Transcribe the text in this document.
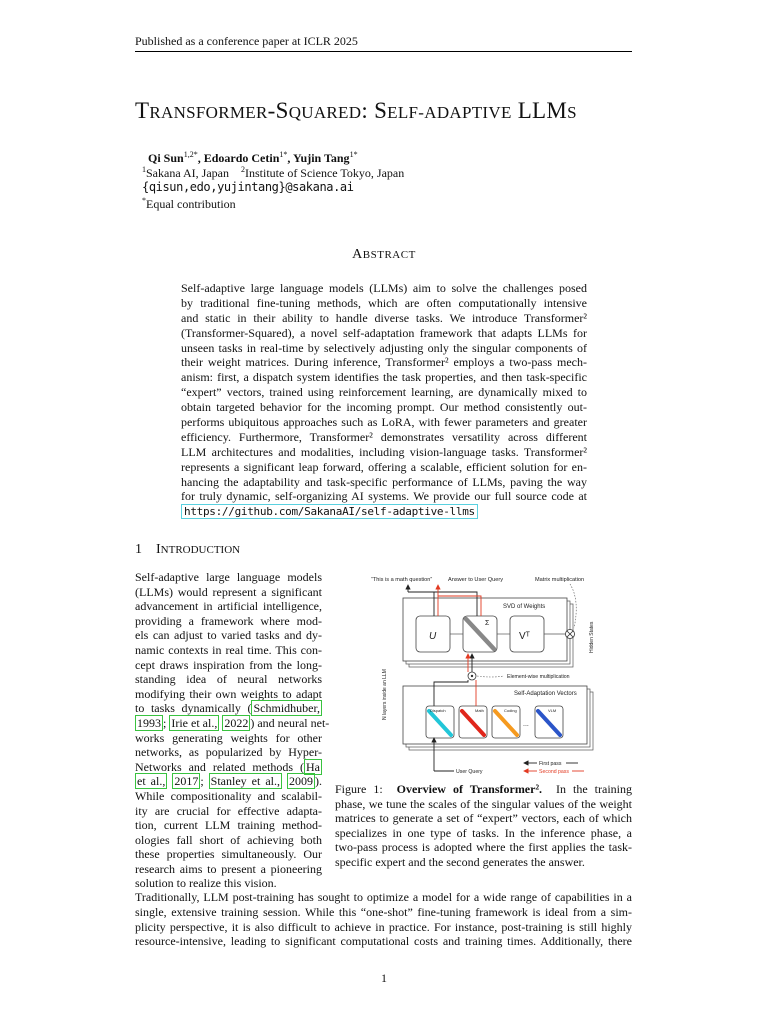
Published as a conference paper at ICLR 2025
TRANSFORMER-SQUARED: SELF-ADAPTIVE LLMS
Qi Sun$^{1,2*}$, Edoardo Cetin$^{1*}$, Yujin Tang$^{1*}$
$^1$Sakana AI, Japan $^2$Institute of Science Tokyo, Japan
{qisun,edo,yujintang}@sakana.ai
*Equal contribution
ABSTRACT
Self-adaptive large language models (LLMs) aim to solve the challenges posed
by traditional fine-tuning methods, which are often computationally intensive
and static in their ability to handle diverse tasks. We introduce Transformer²
(Transformer-Squared), a novel self-adaptation framework that adapts LLMs for
unseen tasks in real-time by selectively adjusting only the singular components of
their weight matrices. During inference, Transformer² employs a two-pass mech-
anism: first, a dispatch system identifies the task properties, and then task-specific
“expert” vectors, trained using reinforcement learning, are dynamically mixed to
obtain targeted behavior for the incoming prompt. Our method consistently out-
performs ubiquitous approaches such as LoRA, with fewer parameters and greater
efficiency. Furthermore, Transformer² demonstrates versatility across different
LLM architectures and modalities, including vision-language tasks. Transformer²
represents a significant leap forward, offering a scalable, efficient solution for en-
hancing the adaptability and task-specific performance of LLMs, paving the way
for truly dynamic, self-organizing AI systems. We provide our full source code at
https://github.com/SakanaAI/self-adaptive-llms
1 INTRODUCTION
Self-adaptive large language models
(LLMs) would represent a significant
advancement in artificial intelligence,
providing a framework where mod-
els can adjust to varied tasks and dy-
namic contexts in real time. This con-
cept draws inspiration from the long-
standing idea of neural networks
modifying their own weights to adapt
to tasks dynamically ( Schmidhuber,
1993 ; Irie et al., 2022 ) and neural net-
works generating weights for other
networks, as popularized by Hyper-
Networks and related methods ( Ha
et al., 2017 ; Stanley et al., 2009 ).
While compositionality and scalabil-
ity are crucial for effective adapta-
tion, current LLM training method-
ologies fall short of achieving both
these properties simultaneously. Our
research aims to present a pioneering
solution to realize this vision.
“This is a math question”	Answer to User Query	Matrix multiplication
SVD of Weights
U
Σ
Vᵀ	Hidden States
N layers inside an LLM	Element-wise multiplication
Self-Adaptation Vectors
Dispatch	Math	Coding
...
VLM
User Query
First pass
Second pass
Figure 1: Overview of Transformer². In the training
phase, we tune the scales of the singular values of the weight
matrices to generate a set of “expert” vectors, each of which
specializes in one type of tasks. In the inference phase, a
two-pass process is adopted where the first applies the task-
specific expert and the second generates the answer.
Traditionally, LLM post-training has sought to optimize a model for a wide range of capabilities in a
single, extensive training session. While this “one-shot” fine-tuning framework is ideal from a sim-
plicity perspective, it is also difficult to achieve in practice. For instance, post-training is still highly
resource-intensive, leading to significant computational costs and training times. Additionally, there
1
